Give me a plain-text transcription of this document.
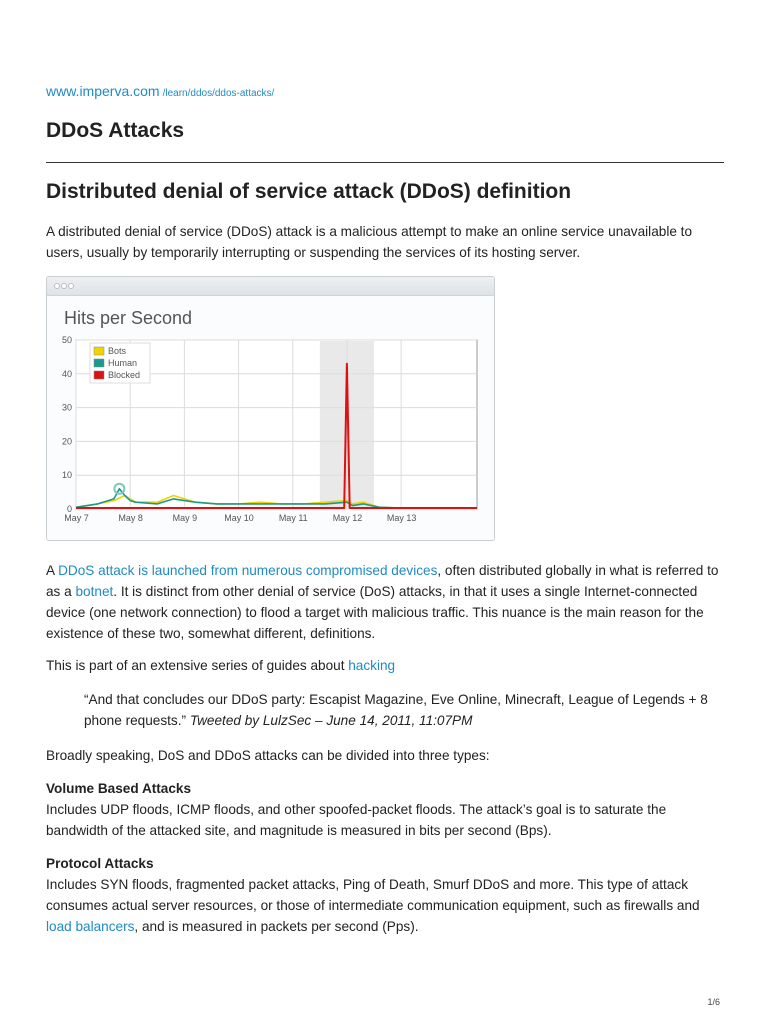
www.imperva.com /learn/ddos/ddos-attacks/
DDoS Attacks
Distributed denial of service attack (DDoS) definition

A distributed denial of service (DDoS) attack is a malicious attempt to make an online service unavailable to users, usually by temporarily interrupting or suspending the services of its hosting server.

Hits per Second
0
10
20
30
40
50
May 7	May 8	May 9	May 10	May 11	May 12	May 13
Bots
Human
Blocked

A DDoS attack is launched from numerous compromised devices, often distributed globally in what is referred to as a botnet. It is distinct from other denial of service (DoS) attacks, in that it uses a single Internet-connected device (one network connection) to flood a target with malicious traffic. This nuance is the main reason for the existence of these two, somewhat different, definitions.

This is part of an extensive series of guides about hacking

“And that concludes our DDoS party: Escapist Magazine, Eve Online, Minecraft, League of Legends + 8 phone requests.” Tweeted by LulzSec – June 14, 2011, 11:07PM

Broadly speaking, DoS and DDoS attacks can be divided into three types:

Volume Based Attacks

Includes UDP floods, ICMP floods, and other spoofed-packet floods. The attack’s goal is to saturate the bandwidth of the attacked site, and magnitude is measured in bits per second (Bps).

Protocol Attacks

Includes SYN floods, fragmented packet attacks, Ping of Death, Smurf DDoS and more. This type of attack consumes actual server resources, or those of intermediate communication equipment, such as firewalls and load balancers, and is measured in packets per second (Pps).

1/6
